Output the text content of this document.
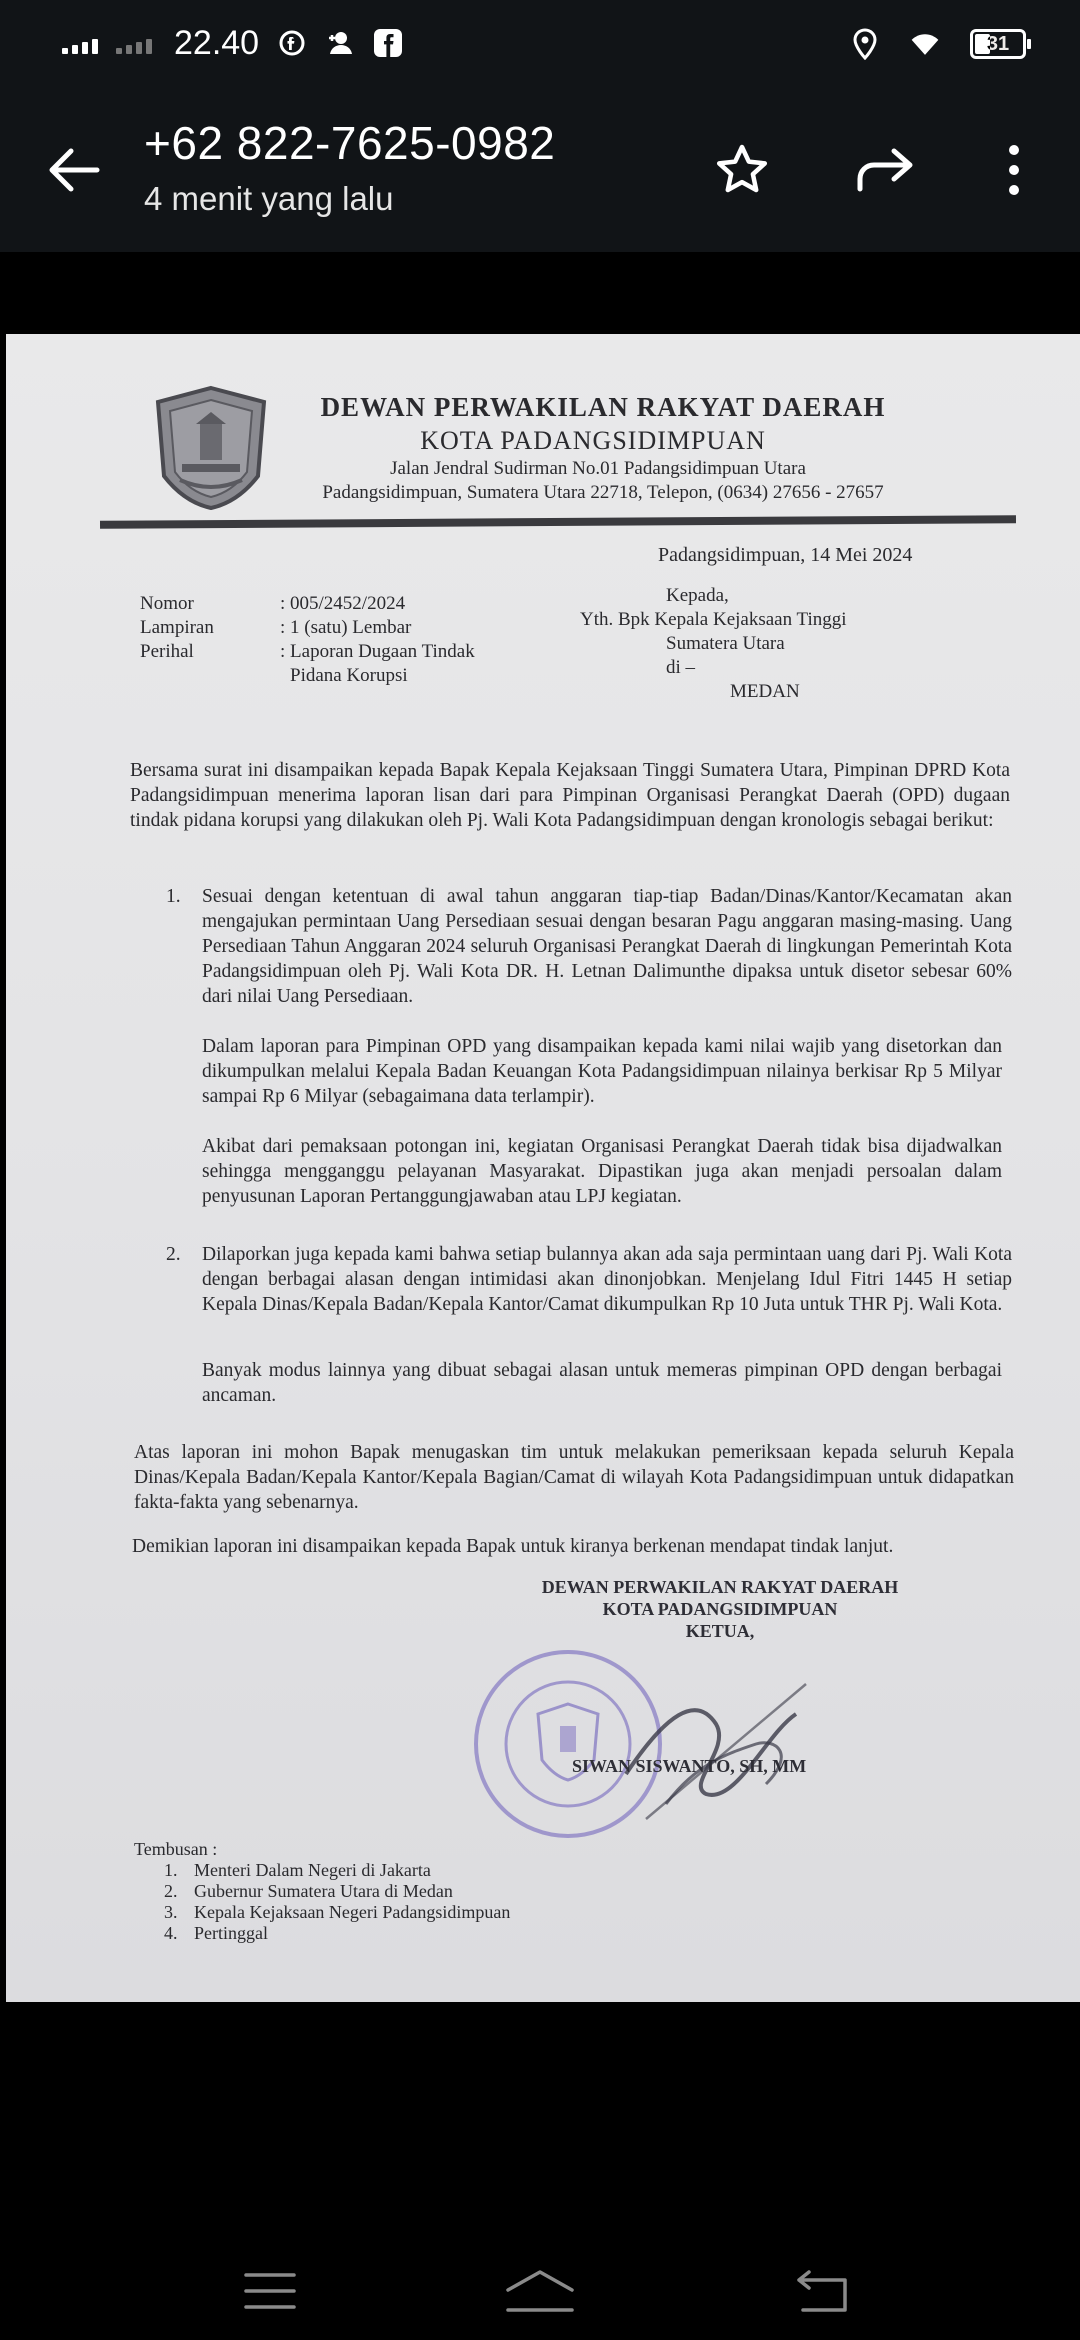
22.40	31
+62 822-7625-0982
4 menit yang lalu
DEWAN PERWAKILAN RAKYAT DAERAH
KOTA PADANGSIDIMPUAN
Jalan Jendral Sudirman No.01 Padangsidimpuan Utara
Padangsidimpuan, Sumatera Utara 22718, Telepon, (0634) 27656 - 27657
Padangsidimpuan, 14 Mei 2024
Nomor	: 005/2452/2024
Lampiran	: 1 (satu) Lembar
Perihal	: Laporan Dugaan Tindak
Pidana Korupsi
Kepada,
Yth. Bpk Kepala Kejaksaan Tinggi
Sumatera Utara
di –
MEDAN
Bersama surat ini disampaikan kepada Bapak Kepala Kejaksaan Tinggi Sumatera Utara, Pimpinan DPRD Kota Padangsidimpuan menerima laporan lisan dari para Pimpinan Organisasi Perangkat Daerah (OPD) dugaan tindak pidana korupsi yang dilakukan oleh Pj. Wali Kota Padangsidimpuan dengan kronologis sebagai berikut:
1.	Sesuai dengan ketentuan di awal tahun anggaran tiap-tiap Badan/Dinas/Kantor/Kecamatan akan mengajukan permintaan Uang Persediaan sesuai dengan besaran Pagu anggaran masing-masing. Uang Persediaan Tahun Anggaran 2024 seluruh Organisasi Perangkat Daerah di lingkungan Pemerintah Kota Padangsidimpuan oleh Pj. Wali Kota DR. H. Letnan Dalimunthe dipaksa untuk disetor sebesar 60% dari nilai Uang Persediaan.
Dalam laporan para Pimpinan OPD yang disampaikan kepada kami nilai wajib yang disetorkan dan dikumpulkan melalui Kepala Badan Keuangan Kota Padangsidimpuan nilainya berkisar Rp 5 Milyar sampai Rp 6 Milyar (sebagaimana data terlampir).
Akibat dari pemaksaan potongan ini, kegiatan Organisasi Perangkat Daerah tidak bisa dijadwalkan sehingga mengganggu pelayanan Masyarakat. Dipastikan juga akan menjadi persoalan dalam penyusunan Laporan Pertanggungjawaban atau LPJ kegiatan.
2.	Dilaporkan juga kepada kami bahwa setiap bulannya akan ada saja permintaan uang dari Pj. Wali Kota dengan berbagai alasan dengan intimidasi akan dinonjobkan. Menjelang Idul Fitri 1445 H setiap Kepala Dinas/Kepala Badan/Kepala Kantor/Camat dikumpulkan Rp 10 Juta untuk THR Pj. Wali Kota.
Banyak modus lainnya yang dibuat sebagai alasan untuk memeras pimpinan OPD dengan berbagai ancaman.
Atas laporan ini mohon Bapak menugaskan tim untuk melakukan pemeriksaan kepada seluruh Kepala Dinas/Kepala Badan/Kepala Kantor/Kepala Bagian/Camat di wilayah Kota Padangsidimpuan untuk didapatkan fakta-fakta yang sebenarnya.
Demikian laporan ini disampaikan kepada Bapak untuk kiranya berkenan mendapat tindak lanjut.
DEWAN PERWAKILAN RAKYAT DAERAH
KOTA PADANGSIDIMPUAN
KETUA,
SIWAN SISWANTO, SH, MM
Tembusan :
1. Menteri Dalam Negeri di Jakarta
2. Gubernur Sumatera Utara di Medan
3. Kepala Kejaksaan Negeri Padangsidimpuan
4. Pertinggal
